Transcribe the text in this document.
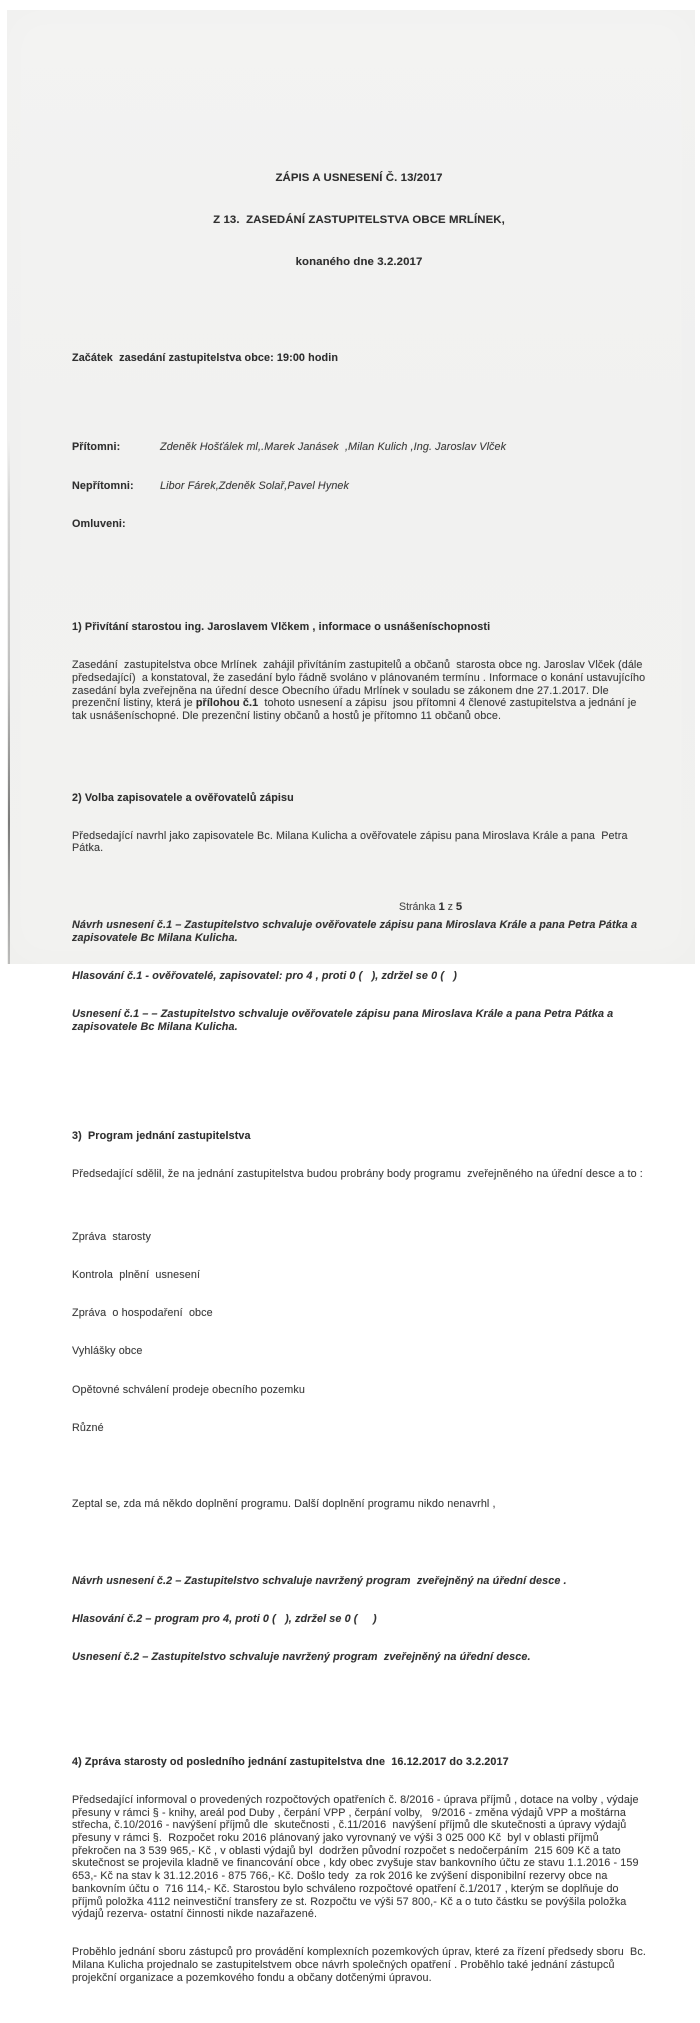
ZÁPIS A USNESENÍ Č. 13/2017

Z 13.  ZASEDÁNÍ ZASTUPITELSTVA OBCE MRLÍNEK,

konaného dne 3.2.2017

Začátek  zasedání zastupitelstva obce: 19:00 hodin

Přítomni:	Zdeněk Hošťálek ml,.Marek Janásek  ,Milan Kulich ,Ing. Jaroslav Vlček

Nepřítomni:	Libor Fárek,Zdeněk Solař,Pavel Hynek

Omluveni:

1) Přivítání starostou ing. Jaroslavem Vlčkem , informace o usnášeníschopnosti

Zasedání  zastupitelstva obce Mrlínek  zahájil přivítáním zastupitelů a občanů  starosta obce ng. Jaroslav Vlček (dále předsedající)  a konstatoval, že zasedání bylo řádně svoláno v plánovaném termínu . Informace o konání ustavujícího zasedání byla zveřejněna na úřední desce Obecního úřadu Mrlínek v souladu se zákonem dne 27.1.2017. Dle prezenční listiny, která je přílohou č.1  tohoto usnesení a zápisu  jsou přítomni 4 členové zastupitelstva a jednání je tak usnášeníschopné. Dle prezenční listiny občanů a hostů je přítomno 11 občanů obce.

2) Volba zapisovatele a ověřovatelů zápisu

Předsedající navrhl jako zapisovatele Bc. Milana Kulicha a ověřovatele zápisu pana Miroslava Krále a pana  Petra Pátka.

Návrh usnesení č.1 – Zastupitelstvo schvaluje ověřovatele zápisu pana Miroslava Krále a pana Petra Pátka a zapisovatele Bc Milana Kulicha.

Hlasování č.1 - ověřovatelé, zapisovatel: pro 4 , proti 0 (   ), zdržel se 0 (   )

Usnesení č.1 – – Zastupitelstvo schvaluje ověřovatele zápisu pana Miroslava Krále a pana Petra Pátka a zapisovatele Bc Milana Kulicha.

3)  Program jednání zastupitelstva

Předsedající sdělil, že na jednání zastupitelstva budou probrány body programu  zveřejněného na úřední desce a to :

Zpráva  starosty

Kontrola  plnění  usnesení

Zpráva  o hospodaření  obce

Vyhlášky obce

Opětovné schválení prodeje obecního pozemku

Různé

Zeptal se, zda má někdo doplnění programu. Další doplnění programu nikdo nenavrhl ,

Návrh usnesení č.2 – Zastupitelstvo schvaluje navržený program  zveřejněný na úřední desce .

Hlasování č.2 – program pro 4, proti 0 (   ), zdržel se 0 (     )

Usnesení č.2 – Zastupitelstvo schvaluje navržený program  zveřejněný na úřední desce.

4) Zpráva starosty od posledního jednání zastupitelstva dne  16.12.2017 do 3.2.2017

Předsedající informoval o provedených rozpočtových opatřeních č. 8/2016 - úprava příjmů , dotace na volby , výdaje přesuny v rámci § - knihy, areál pod Duby , čerpání VPP , čerpání volby,   9/2016 - změna výdajů VPP a moštárna střecha, č.10/2016 - navýšení příjmů dle  skutečnosti , č.11/2016  navýšení příjmů dle skutečnosti a úpravy výdajů přesuny v rámci §.  Rozpočet roku 2016 plánovaný jako vyrovnaný ve výši 3 025 000 Kč  byl v oblasti příjmů překročen na 3 539 965,- Kč , v oblasti výdajů byl  dodržen původní rozpočet s nedočerpáním  215 609 Kč a tato skutečnost se projevila kladně ve financování obce , kdy obec zvyšuje stav bankovního účtu ze stavu 1.1.2016 - 159 653,- Kč na stav k 31.12.2016 - 875 766,- Kč. Došlo tedy  za rok 2016 ke zvýšení disponibilní rezervy obce na bankovním účtu o  716 114,- Kč. Starostou bylo schváleno rozpočtové opatření č.1/2017 , kterým se doplňuje do příjmů položka 4112 neinvestiční transfery ze st. Rozpočtu ve výši 57 800,- Kč a o tuto částku se povýšila položka výdajů rezerva- ostatní činnosti nikde nazařazené.

Proběhlo jednání sboru zástupců pro provádění komplexních pozemkových úprav, které za řízení předsedy sboru  Bc. Milana Kulicha projednalo se zastupitelstvem obce návrh společných opatření . Proběhlo také jednání zástupců projekční organizace a pozemkového fondu a občany dotčenými úpravou.

Stránka 1 z 5
